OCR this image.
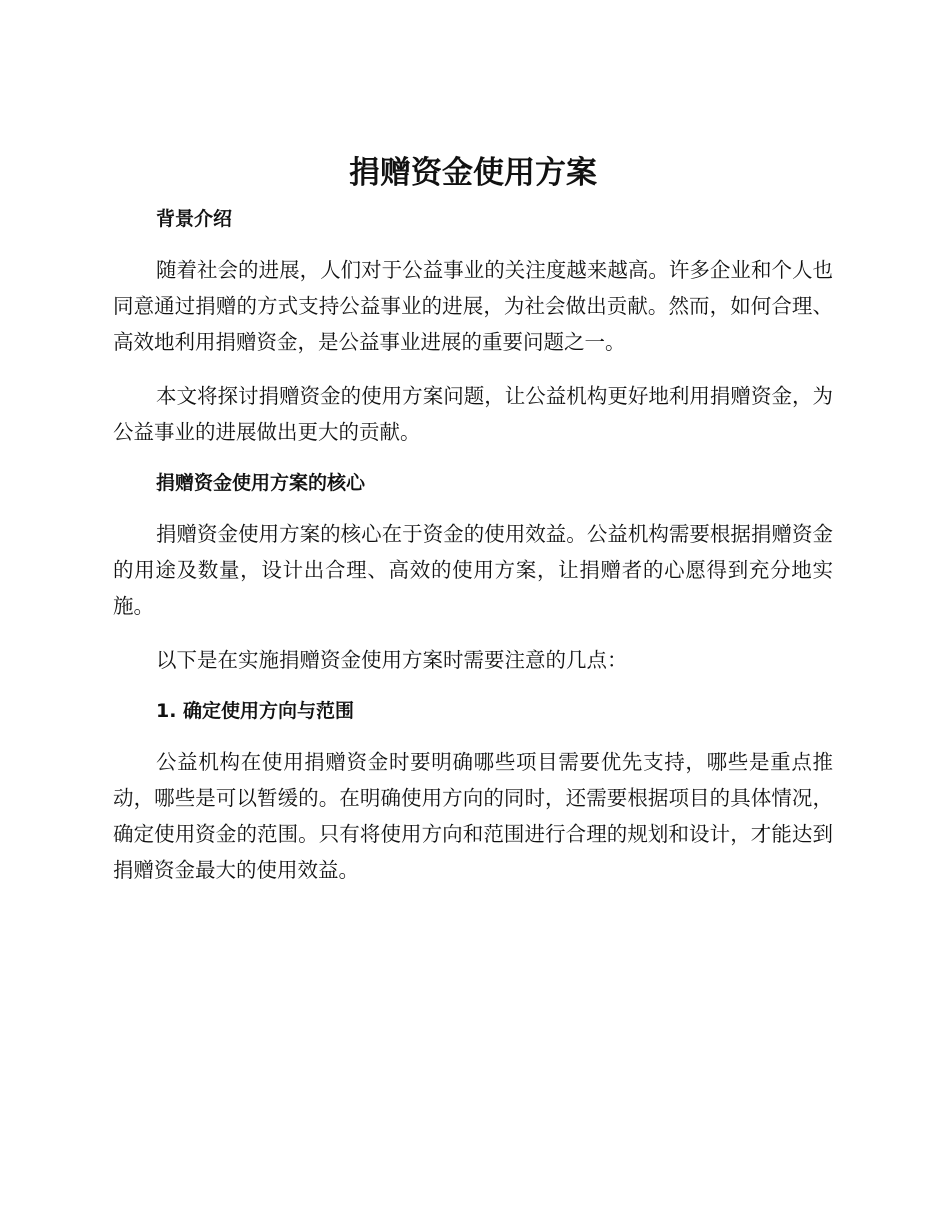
捐赠资金使用方案
背景介绍

随着社会的进展，人们对于公益事业的关注度越来越高。许多企业和个人也同意通过捐赠的方式支持公益事业的进展，为社会做出贡献。然而，如何合理、高效地利用捐赠资金，是公益事业进展的重要问题之一。

本文将探讨捐赠资金的使用方案问题，让公益机构更好地利用捐赠资金，为公益事业的进展做出更大的贡献。

捐赠资金使用方案的核心

捐赠资金使用方案的核心在于资金的使用效益。公益机构需要根据捐赠资金的用途及数量，设计出合理、高效的使用方案，让捐赠者的心愿得到充分地实施。

以下是在实施捐赠资金使用方案时需要注意的几点：

1. 确定使用方向与范围

公益机构在使用捐赠资金时要明确哪些项目需要优先支持，哪些是重点推动，哪些是可以暂缓的。在明确使用方向的同时，还需要根据项目的具体情况，确定使用资金的范围。只有将使用方向和范围进行合理的规划和设计，才能达到捐赠资金最大的使用效益。
